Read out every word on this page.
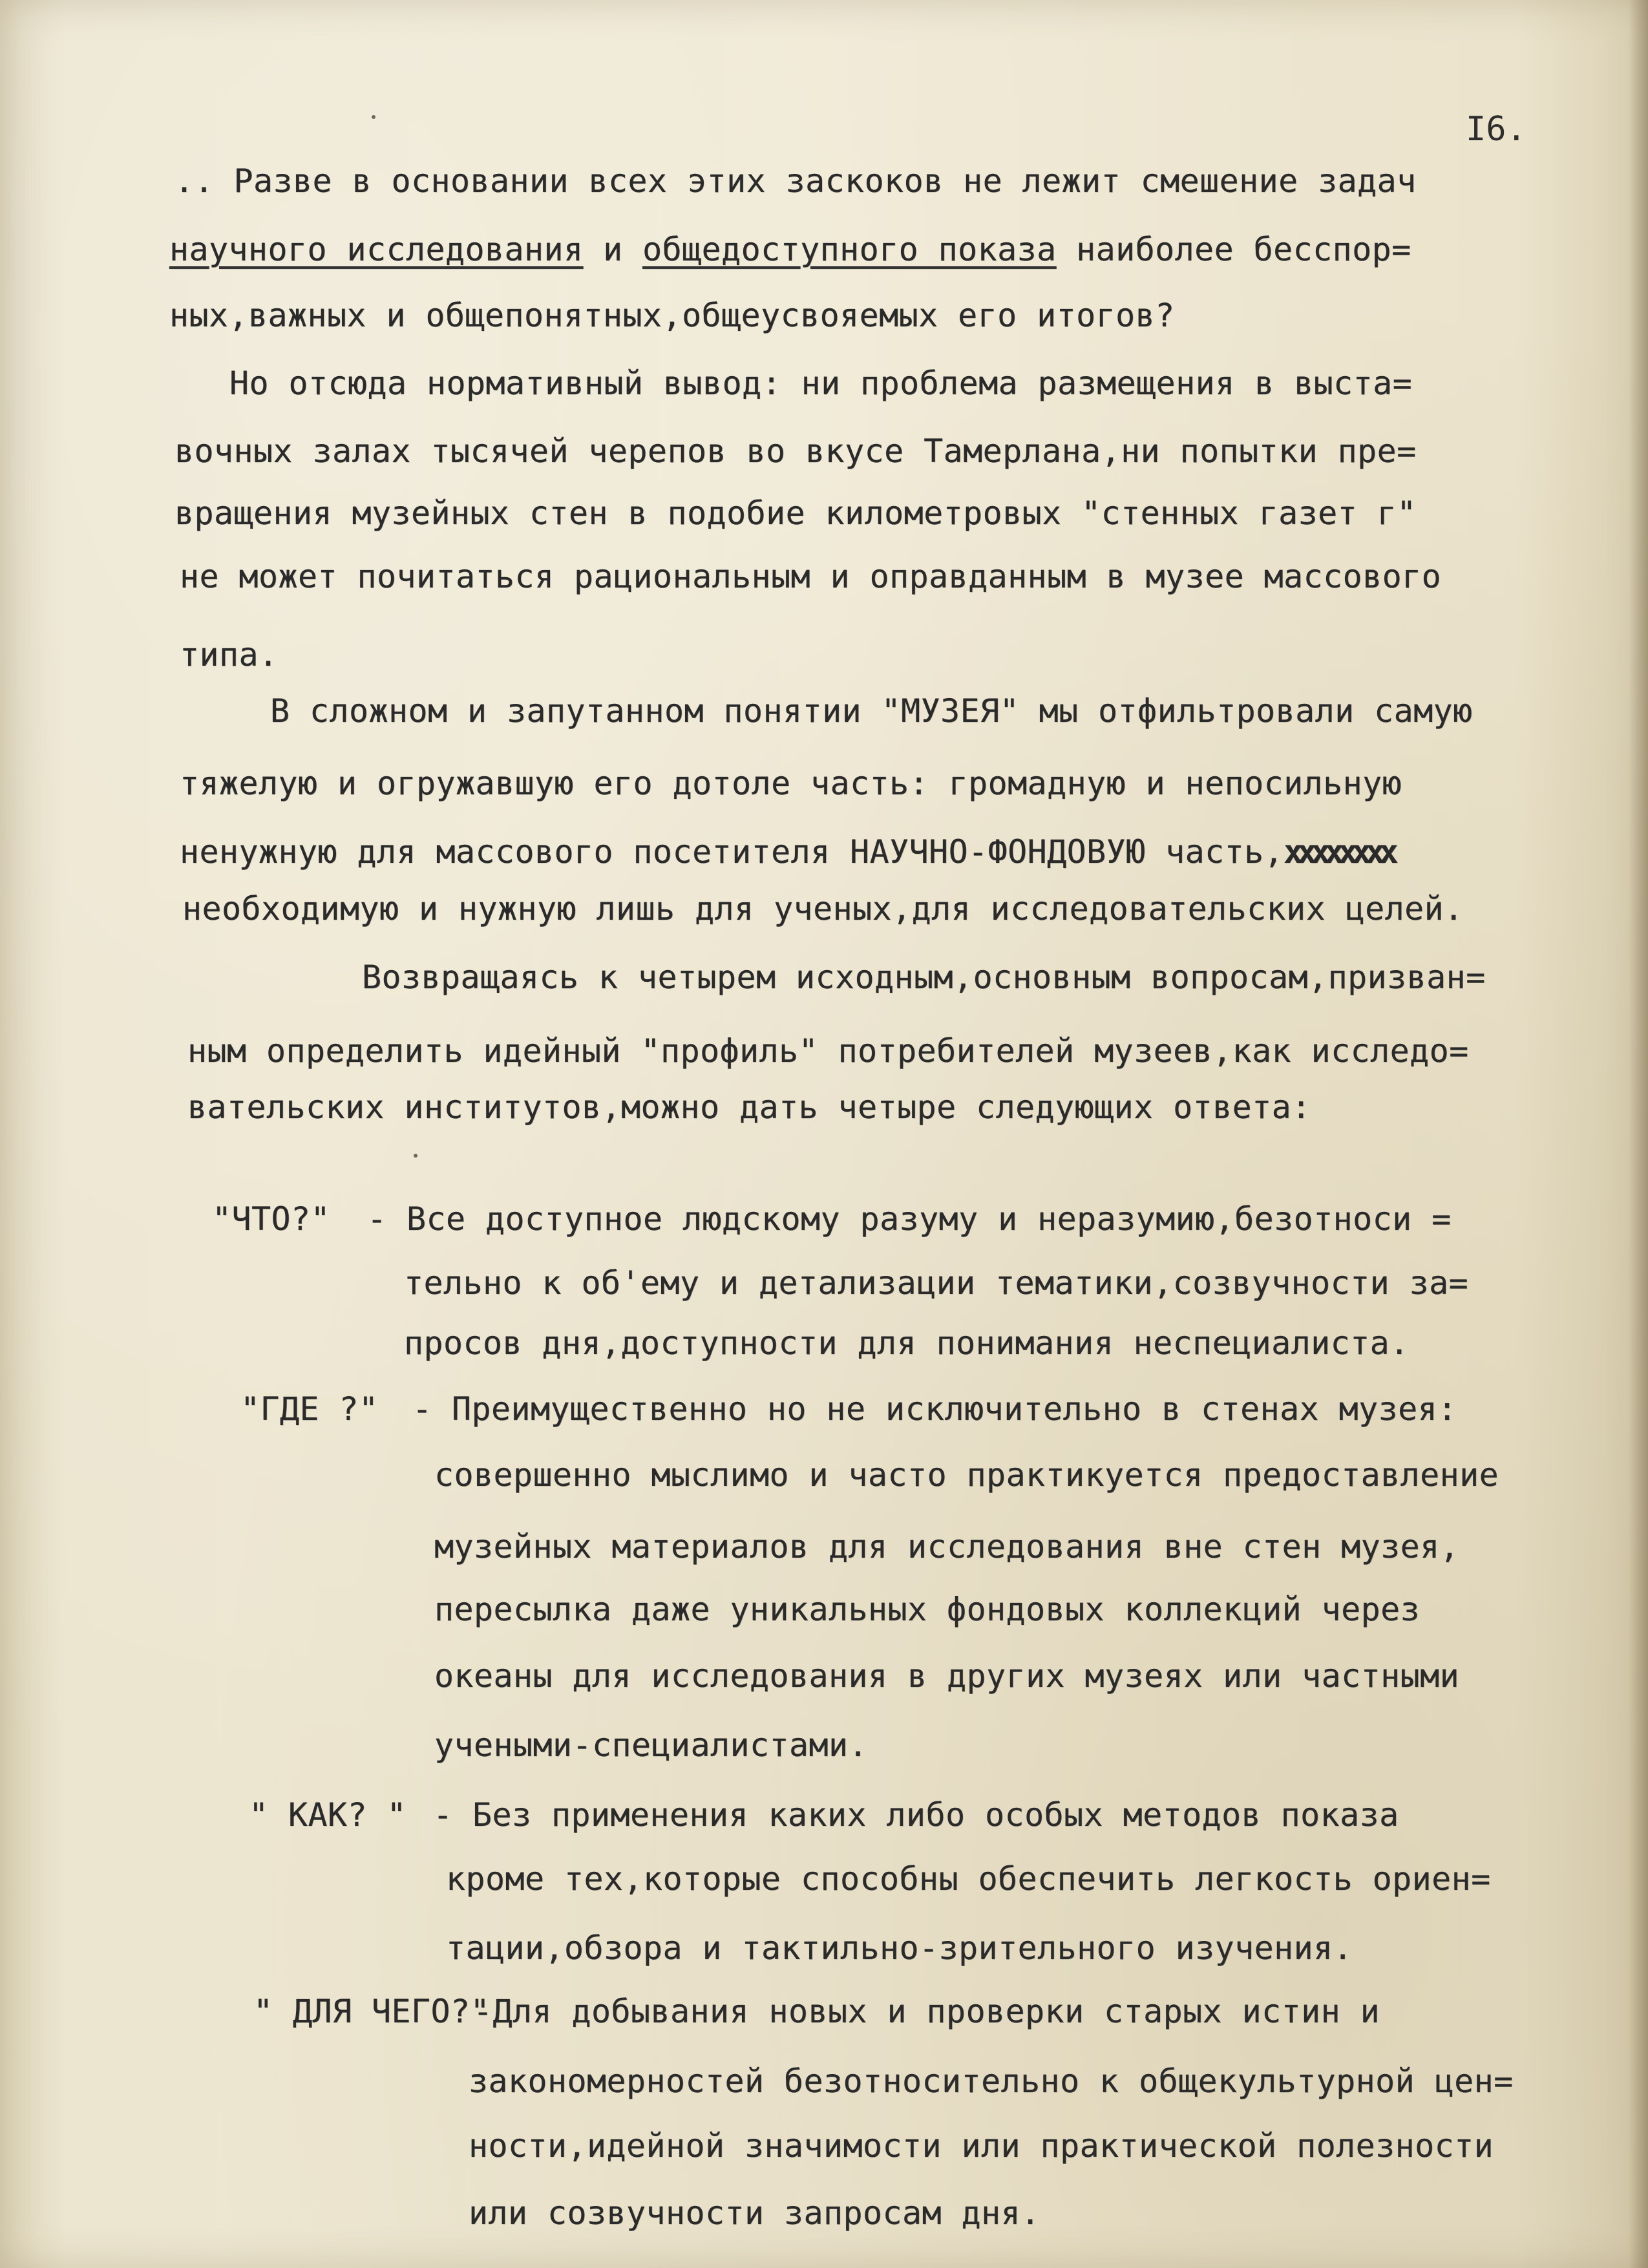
I6.
.. Разве в основании всех этих заскоков не лежит смешение задач
научного исследования и общедоступного показа наиболее бесспор=
ных,важных и общепонятных,общеусвояемых его итогов?
Но отсюда нормативный вывод: ни проблема размещения в выста=
вочных залах тысячей черепов во вкусе Тамерлана,ни попытки пре=
вращения музейных стен в подобие километровых "стенных газет г"
не может почитаться рациональным и оправданным в музее массового
типа.
В сложном и запутанном понятии "МУЗЕЯ" мы отфильтровали самую
тяжелую и огружавшую его дотоле часть: громадную и непосильную
ненужную для массового посетителя НАУЧНО-ФОНДОВУЮ часть,хххххххх
необходимую и нужную лишь для ученых,для исследовательских целей.
Возвращаясь к четырем исходным,основным вопросам,призван=
ным определить идейный "профиль" потребителей музеев,как исследо=
вательских институтов,можно дать четыре следующих ответа:
"ЧТО?" - Все доступное людскому разуму и неразумию,безотноси =
тельно к об'ему и детализации тематики,созвучности за=
просов дня,доступности для понимания неспециалиста.
"ГДЕ ?" - Преимущественно но не исключительно в стенах музея:
совершенно мыслимо и часто практикуется предоставление
музейных материалов для исследования вне стен музея,
пересылка даже уникальных фондовых коллекций через
океаны для исследования в других музеях или частными
учеными-специалистами.
" КАК? " - Без применения каких либо особых методов показа
кроме тех,которые способны обеспечить легкость ориен=
тации,обзора и тактильно-зрительного изучения.
" ДЛЯ ЧЕГО?"
-Для добывания новых и проверки старых истин и
закономерностей безотносительно к общекультурной цен=
ности,идейной значимости или практической полезности
или созвучности запросам дня.
